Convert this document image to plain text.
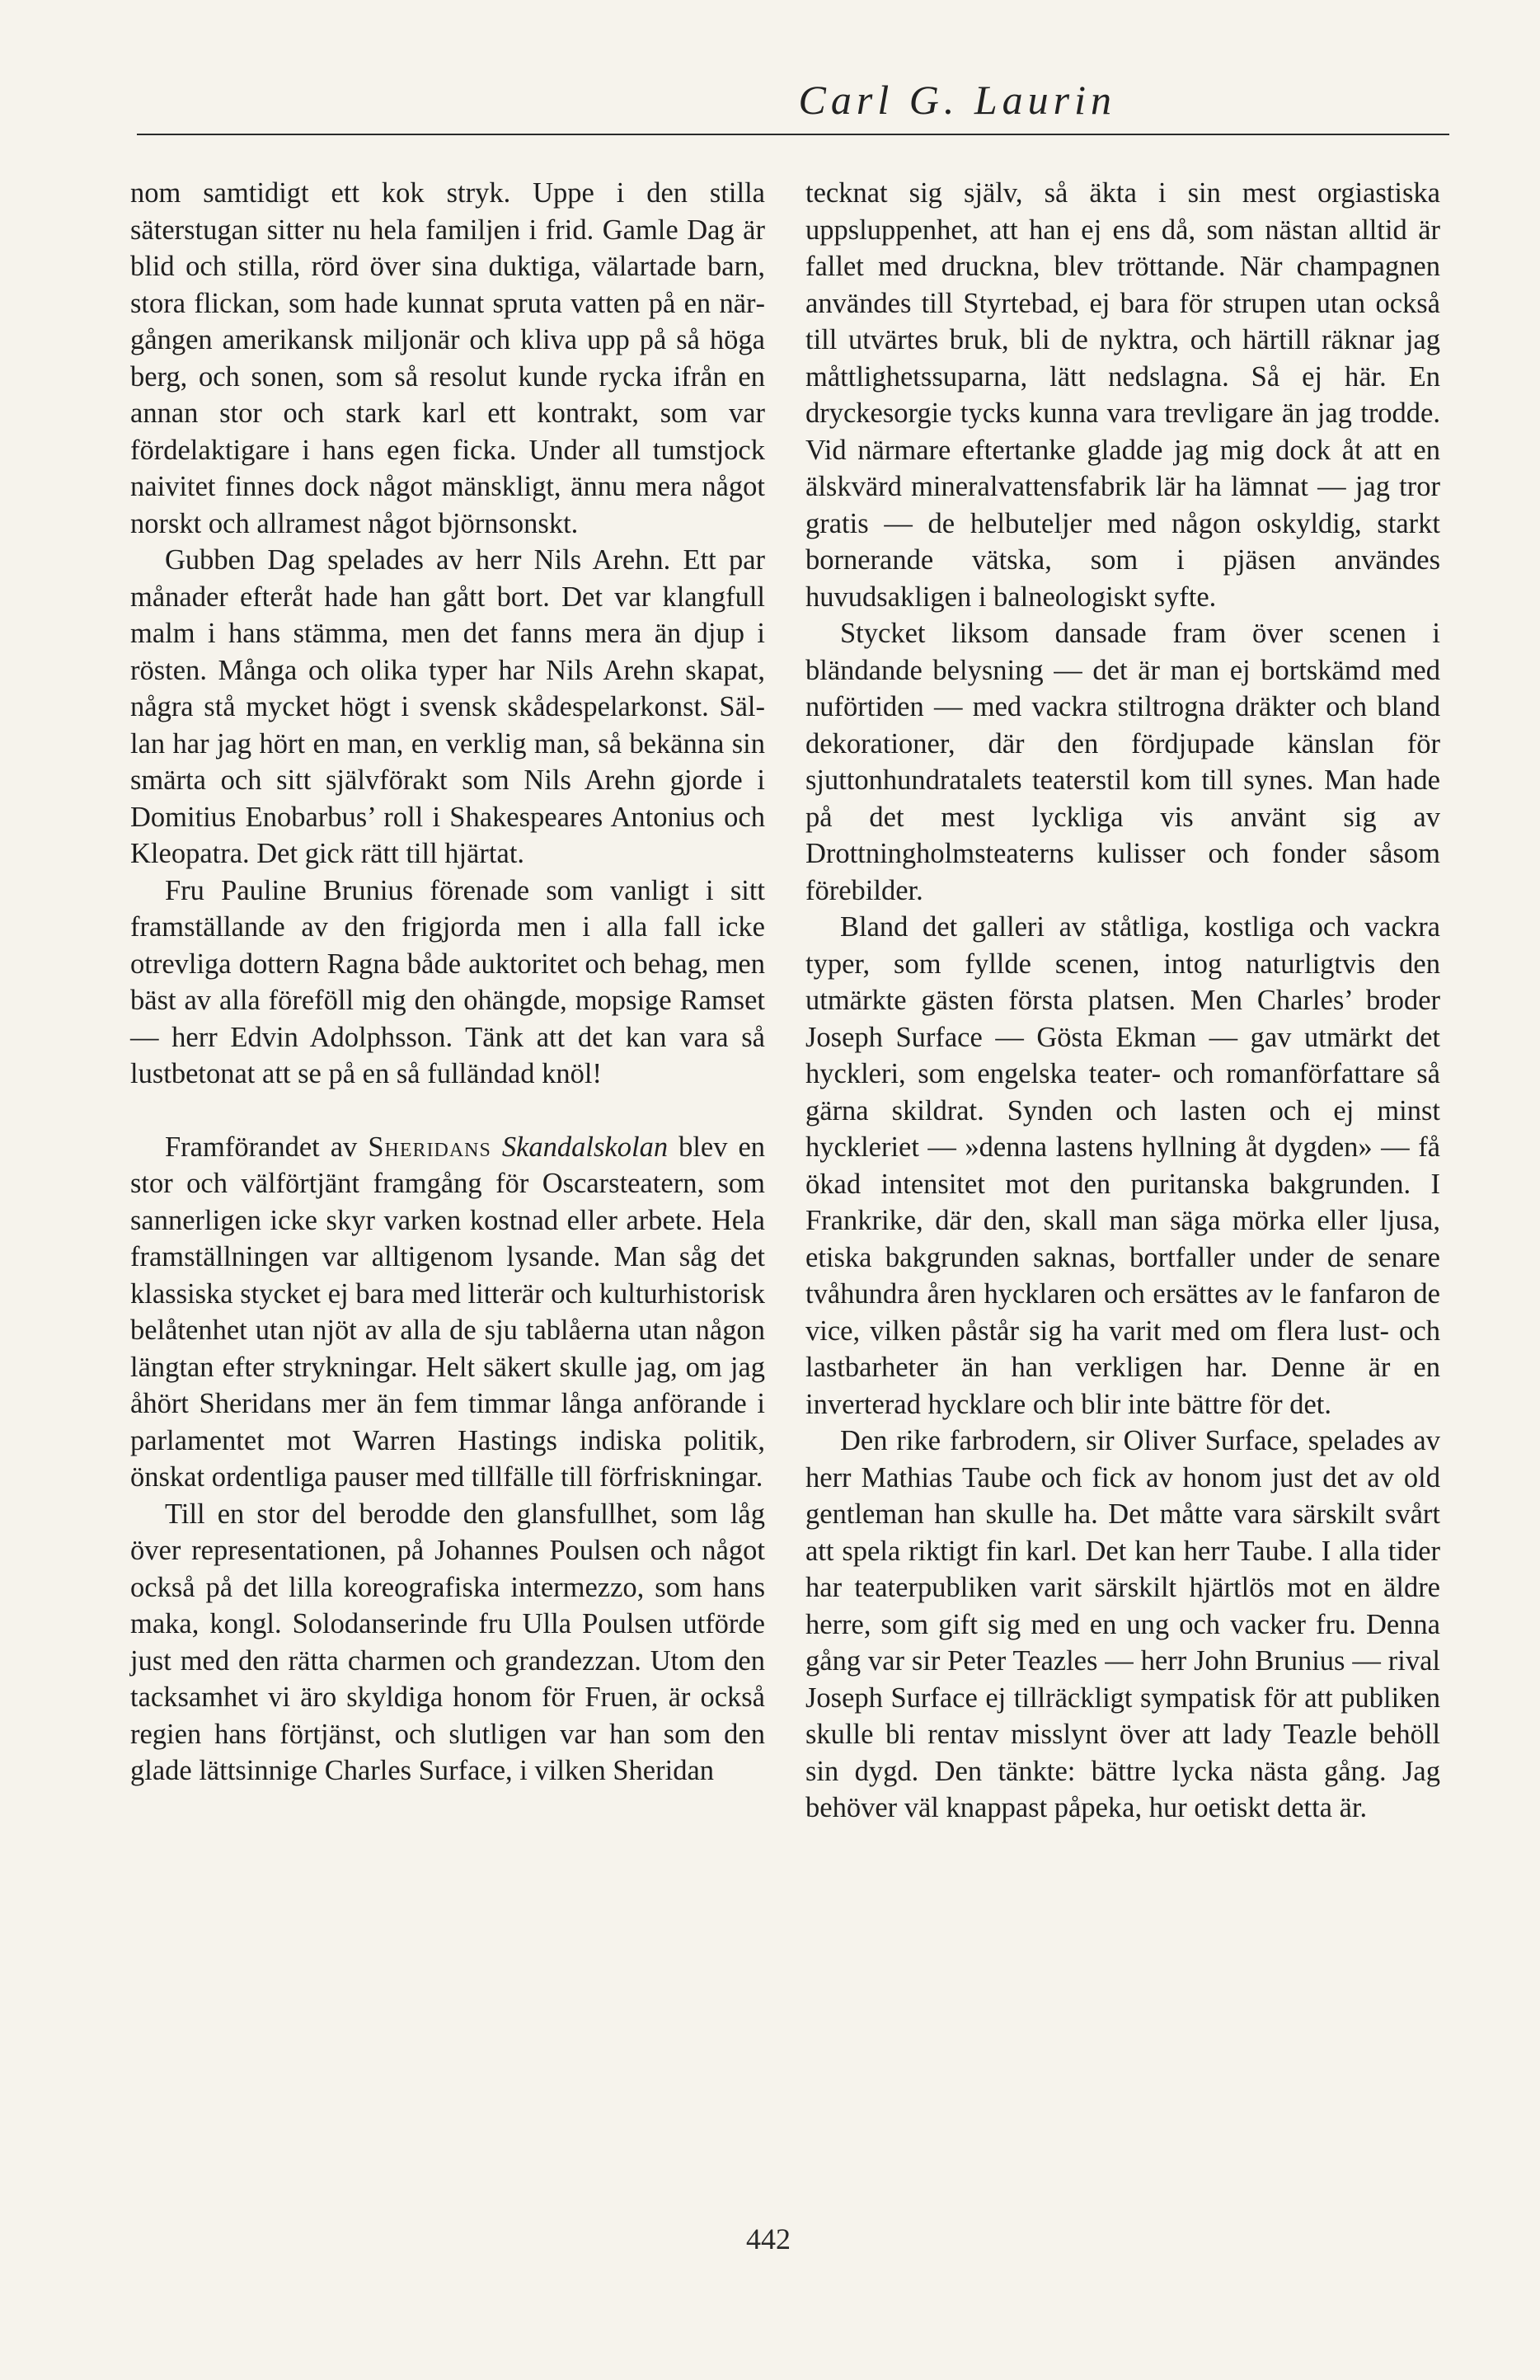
Carl G. Laurin

nom samtidigt ett kok stryk. Uppe i den stilla säterstugan sitter nu hela familjen i frid. Gamle Dag är blid och stilla, rörd över sina duktiga, välartade barn, stora flickan, som hade kunnat spruta vatten på en närgången amerikansk miljonär och kliva upp på så höga berg, och sonen, som så resolut kunde rycka ifrån en annan stor och stark karl ett kontrakt, som var fördelaktigare i hans egen ficka. Under all tumstjock naivitet finnes dock något mänskligt, ännu mera något norskt och allramest något björnsonskt.

Gubben Dag spelades av herr Nils Arehn. Ett par månader efteråt hade han gått bort. Det var klangfull malm i hans stämma, men det fanns mera än djup i rösten. Många och olika typer har Nils Arehn skapat, några stå mycket högt i svensk skådespelarkonst. Sällan har jag hört en man, en verklig man, så bekänna sin smärta och sitt självförakt som Nils Arehn gjorde i Domitius Enobarbus’ roll i Shakespeares Antonius och Kleopatra. Det gick rätt till hjärtat.

Fru Pauline Brunius förenade som vanligt i sitt framställande av den frigjorda men i alla fall icke otrevliga dottern Ragna både auktoritet och behag, men bäst av alla föreföll mig den ohängde, mopsige Ramset — herr Edvin Adolphsson. Tänk att det kan vara så lustbetonat att se på en så fulländad knöl!

Framförandet av Sheridans Skandalskolan blev en stor och välförtjänt framgång för Oscarsteatern, som sannerligen icke skyr varken kostnad eller arbete. Hela framställningen var alltigenom lysande. Man såg det klassiska stycket ej bara med litterär och kulturhistorisk belåtenhet utan njöt av alla de sju tablåerna utan någon längtan efter strykningar. Helt säkert skulle jag, om jag åhört Sheridans mer än fem timmar långa anförande i parlamentet mot Warren Hastings indiska politik, önskat ordentliga pauser med tillfälle till förfriskningar.

Till en stor del berodde den glansfullhet, som låg över representationen, på Johannes Poulsen och något också på det lilla koreografiska intermezzo, som hans maka, kongl. Solodanserinde fru Ulla Poulsen utförde just med den rätta charmen och grandezzan. Utom den tacksamhet vi äro skyldiga honom för Fruen, är också regien hans förtjänst, och slutligen var han som den glade lättsinnige Charles Surface, i vilken Sheridan

tecknat sig själv, så äkta i sin mest orgiastiska uppsluppenhet, att han ej ens då, som nästan alltid är fallet med druckna, blev tröttande. När champagnen användes till Styrtebad, ej bara för strupen utan också till utvärtes bruk, bli de nyktra, och härtill räknar jag måttlighetssuparna, lätt nedslagna. Så ej här. En dryckesorgie tycks kunna vara trevligare än jag trodde. Vid närmare eftertanke gladde jag mig dock åt att en älskvärd mineralvattensfabrik lär ha lämnat — jag tror gratis — de helbuteljer med någon oskyldig, starkt bornerande vätska, som i pjäsen användes huvudsakligen i balneologiskt syfte.

Stycket liksom dansade fram över scenen i bländande belysning — det är man ej bortskämd med nuförtiden — med vackra stiltrogna dräkter och bland dekorationer, där den fördjupade känslan för sjuttonhundratalets teaterstil kom till synes. Man hade på det mest lyckliga vis använt sig av Drottningholmsteaterns kulisser och fonder såsom förebilder.

Bland det galleri av ståtliga, kostliga och vackra typer, som fyllde scenen, intog naturligtvis den utmärkte gästen första platsen. Men Charles’ broder Joseph Surface — Gösta Ekman — gav utmärkt det hyckleri, som engelska teater- och romanförfattare så gärna skildrat. Synden och lasten och ej minst hyckleriet — »denna lastens hyllning åt dygden» — få ökad intensitet mot den puritanska bakgrunden. I Frankrike, där den, skall man säga mörka eller ljusa, etiska bakgrunden saknas, bortfaller under de senare tvåhundra åren hycklaren och ersättes av le fanfaron de vice, vilken påstår sig ha varit med om flera lust- och lastbarheter än han verkligen har. Denne är en inverterad hycklare och blir inte bättre för det.

Den rike farbrodern, sir Oliver Surface, spelades av herr Mathias Taube och fick av honom just det av old gentleman han skulle ha. Det måtte vara särskilt svårt att spela riktigt fin karl. Det kan herr Taube. I alla tider har teaterpubliken varit särskilt hjärtlös mot en äldre herre, som gift sig med en ung och vacker fru. Denna gång var sir Peter Teazles — herr John Brunius — rival Joseph Surface ej tillräckligt sympatisk för att publiken skulle bli rentav misslynt över att lady Teazle behöll sin dygd. Den tänkte: bättre lycka nästa gång. Jag behöver väl knappast påpeka, hur oetiskt detta är.

442
